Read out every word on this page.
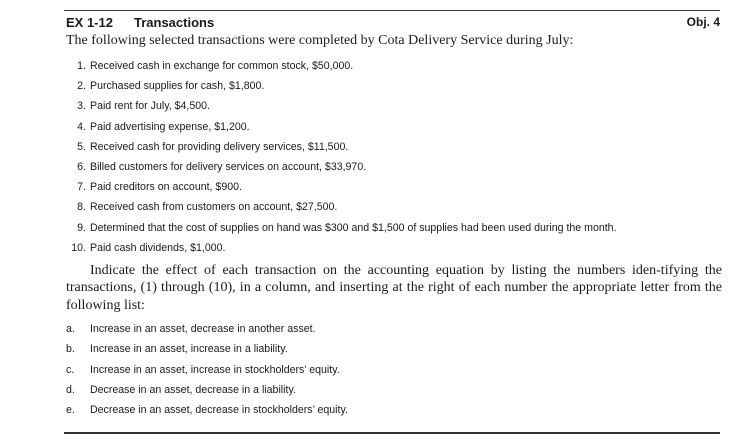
EX 1-12 Transactions	Obj. 4
The following selected transactions were completed by Cota Delivery Service during July:
1. Received cash in exchange for common stock, $50,000.
2. Purchased supplies for cash, $1,800.
3. Paid rent for July, $4,500.
4. Paid advertising expense, $1,200.
5. Received cash for providing delivery services, $11,500.
6. Billed customers for delivery services on account, $33,970.
7. Paid creditors on account, $900.
8. Received cash from customers on account, $27,500.
9. Determined that the cost of supplies on hand was $300 and $1,500 of supplies had been used during the month.
10. Paid cash dividends, $1,000.

Indicate the effect of each transaction on the accounting equation by listing the numbers iden-tifying the transactions, (1) through (10), in a column, and inserting at the right of each number the appropriate letter from the following list:

a. Increase in an asset, decrease in another asset.
b. Increase in an asset, increase in a liability.
c. Increase in an asset, increase in stockholders’ equity.
d. Decrease in an asset, decrease in a liability.
e. Decrease in an asset, decrease in stockholders’ equity.
